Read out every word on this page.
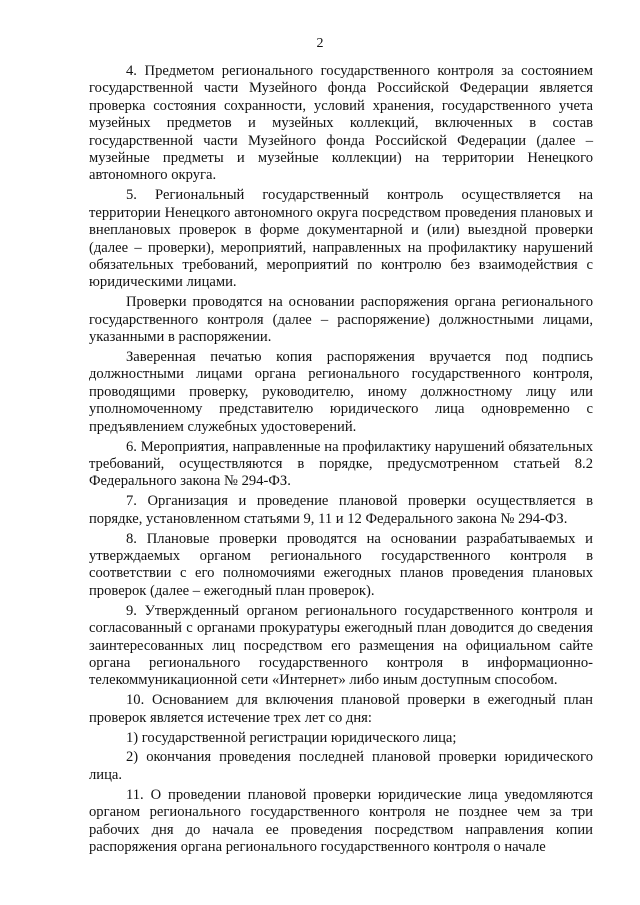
2

4. Предметом регионального государственного контроля за состоянием государственной части Музейного фонда Российской Федерации является проверка состояния сохранности, условий хранения, государственного учета музейных предметов и музейных коллекций, включенных в состав государственной части Музейного фонда Российской Федерации (далее – музейные предметы и музейные коллекции) на территории Ненецкого автономного округа.

5. Региональный государственный контроль осуществляется на территории Ненецкого автономного округа посредством проведения плановых и внеплановых проверок в форме документарной и (или) выездной проверки (далее – проверки), мероприятий, направленных на профилактику нарушений обязательных требований, мероприятий по контролю без взаимодействия с юридическими лицами.

Проверки проводятся на основании распоряжения органа регионального государственного контроля (далее – распоряжение) должностными лицами, указанными в распоряжении.

Заверенная печатью копия распоряжения вручается под подпись должностными лицами органа регионального государственного контроля, проводящими проверку, руководителю, иному должностному лицу или уполномоченному представителю юридического лица одновременно с предъявлением служебных удостоверений.

6. Мероприятия, направленные на профилактику нарушений обязательных требований, осуществляются в порядке, предусмотренном статьей 8.2 Федерального закона № 294-ФЗ.

7. Организация и проведение плановой проверки осуществляется в порядке, установленном статьями 9, 11 и 12 Федерального закона № 294-ФЗ.

8. Плановые проверки проводятся на основании разрабатываемых и утверждаемых органом регионального государственного контроля в соответствии с его полномочиями ежегодных планов проведения плановых проверок (далее – ежегодный план проверок).

9. Утвержденный органом регионального государственного контроля и согласованный с органами прокуратуры ежегодный план доводится до сведения заинтересованных лиц посредством его размещения на официальном сайте органа регионального государственного контроля в информационно-телекоммуникационной сети «Интернет» либо иным доступным способом.

10. Основанием для включения плановой проверки в ежегодный план проверок является истечение трех лет со дня:

1) государственной регистрации юридического лица;

2) окончания проведения последней плановой проверки юридического лица.

11. О проведении плановой проверки юридические лица уведомляются органом регионального государственного контроля не позднее чем за три рабочих дня до начала ее проведения посредством направления копии распоряжения органа регионального государственного контроля о начале
